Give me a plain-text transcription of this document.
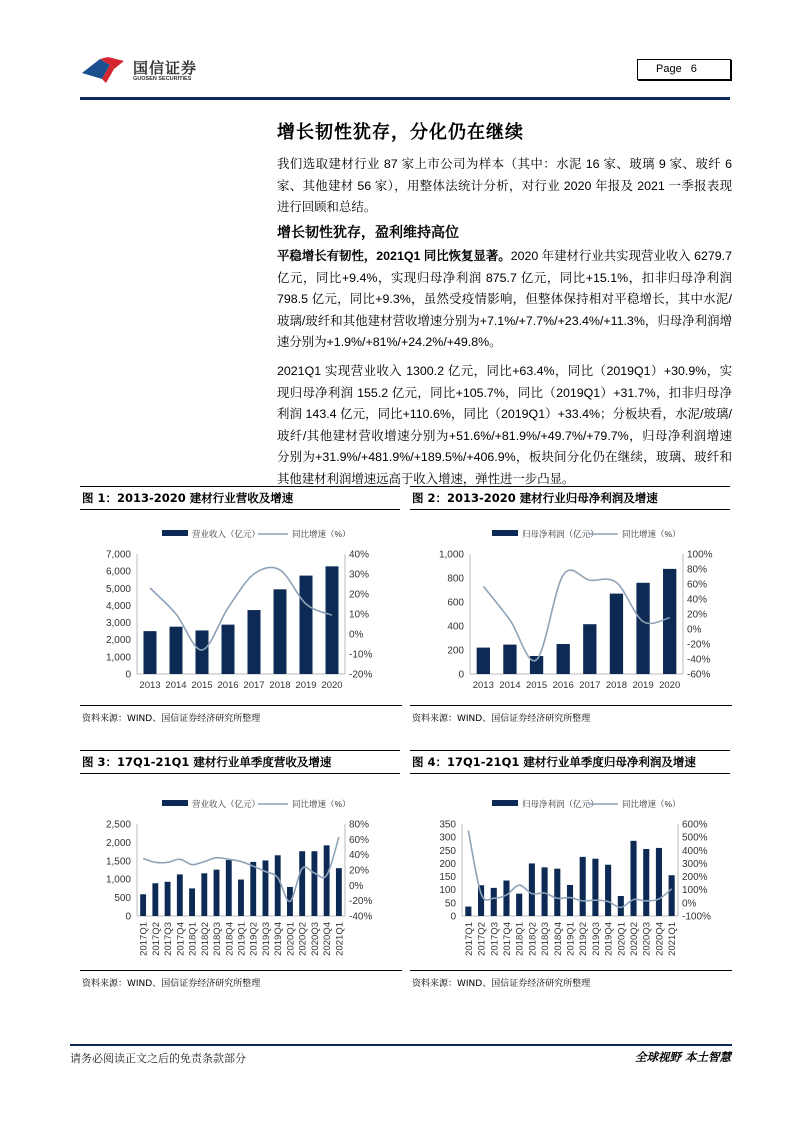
国信证券
GUOSEN SECURITIES
Page 6
增长韧性犹存，分化仍在继续
我们选取建材行业 87 家上市公司为样本（其中：水泥 16 家、玻璃 9 家、玻纤 6 家、其他建材 56 家），用整体法统计分析，对行业 2020 年报及 2021 一季报表现进行回顾和总结。
增长韧性犹存，盈利维持高位
平稳增长有韧性，2021Q1 同比恢复显著。2020 年建材行业共实现营业收入 6279.7 亿元，同比+9.4%，实现归母净利润 875.7 亿元，同比+15.1%，扣非归母净利润 798.5 亿元，同比+9.3%，虽然受疫情影响，但整体保持相对平稳增长，其中水泥/玻璃/玻纤和其他建材营收增速分别为+7.1%/+7.7%/+23.4%/+11.3%，归母净利润增速分别为+1.9%/+81%/+24.2%/+49.8%。
2021Q1 实现营业收入 1300.2 亿元，同比+63.4%，同比（2019Q1）+30.9%，实现归母净利润 155.2 亿元，同比+105.7%，同比（2019Q1）+31.7%，扣非归母净利润 143.4 亿元，同比+110.6%，同比（2019Q1）+33.4%；分板块看，水泥/玻璃/玻纤/其他建材营收增速分别为+51.6%/+81.9%/+49.7%/+79.7%，归母净利润增速分别为+31.9%/+481.9%/+189.5%/+406.9%，板块间分化仍在继续，玻璃、玻纤和其他建材利润增速远高于收入增速，弹性进一步凸显。
图 1：2013-2020 建材行业营收及增速
营业收入（亿元）	同比增速（%）
0
1,000
2,000
3,000
4,000
5,000
6,000
7,000
-20%
-10%
0%
10%
20%
30%
40%
2013 2014 2015 2016 2017 2018 2019 2020
资料来源：WIND、国信证券经济研究所整理
图 2：2013-2020 建材行业归母净利润及增速
归母净利润（亿元）	同比增速（%）
0
200
400
600
800
1,000
-60%
-40%
-20%
0%
20%
40%
60%
80%
100%
2013 2014 2015 2016 2017 2018 2019 2020
资料来源：WIND、国信证券经济研究所整理
图 3：17Q1-21Q1 建材行业单季度营收及增速
营业收入（亿元）	同比增速（%）
0
500
1,000
1,500
2,000
2,500
-40%
-20%
0%
20%
40%
60%
80%
2017Q1 2017Q2 2017Q3 2017Q4 2018Q1 2018Q2 2018Q3 2018Q4 2019Q1 2019Q2 2019Q3 2019Q4 2020Q1 2020Q2 2020Q3 2020Q4 2021Q1
资料来源：WIND、国信证券经济研究所整理
图 4：17Q1-21Q1 建材行业单季度归母净利润及增速
归母净利润（亿元）	同比增速（%）
0
50
100
150
200
250
300
350
-100%
0%
100%
200%
300%
400%
500%
600%
2017Q1 2017Q2 2017Q3 2017Q4 2018Q1 2018Q2 2018Q3 2018Q4 2019Q1 2019Q2 2019Q3 2019Q4 2020Q1 2020Q2 2020Q3 2020Q4 2021Q1
资料来源：WIND、国信证券经济研究所整理
请务必阅读正文之后的免责条款部分	全球视野 本土智慧
